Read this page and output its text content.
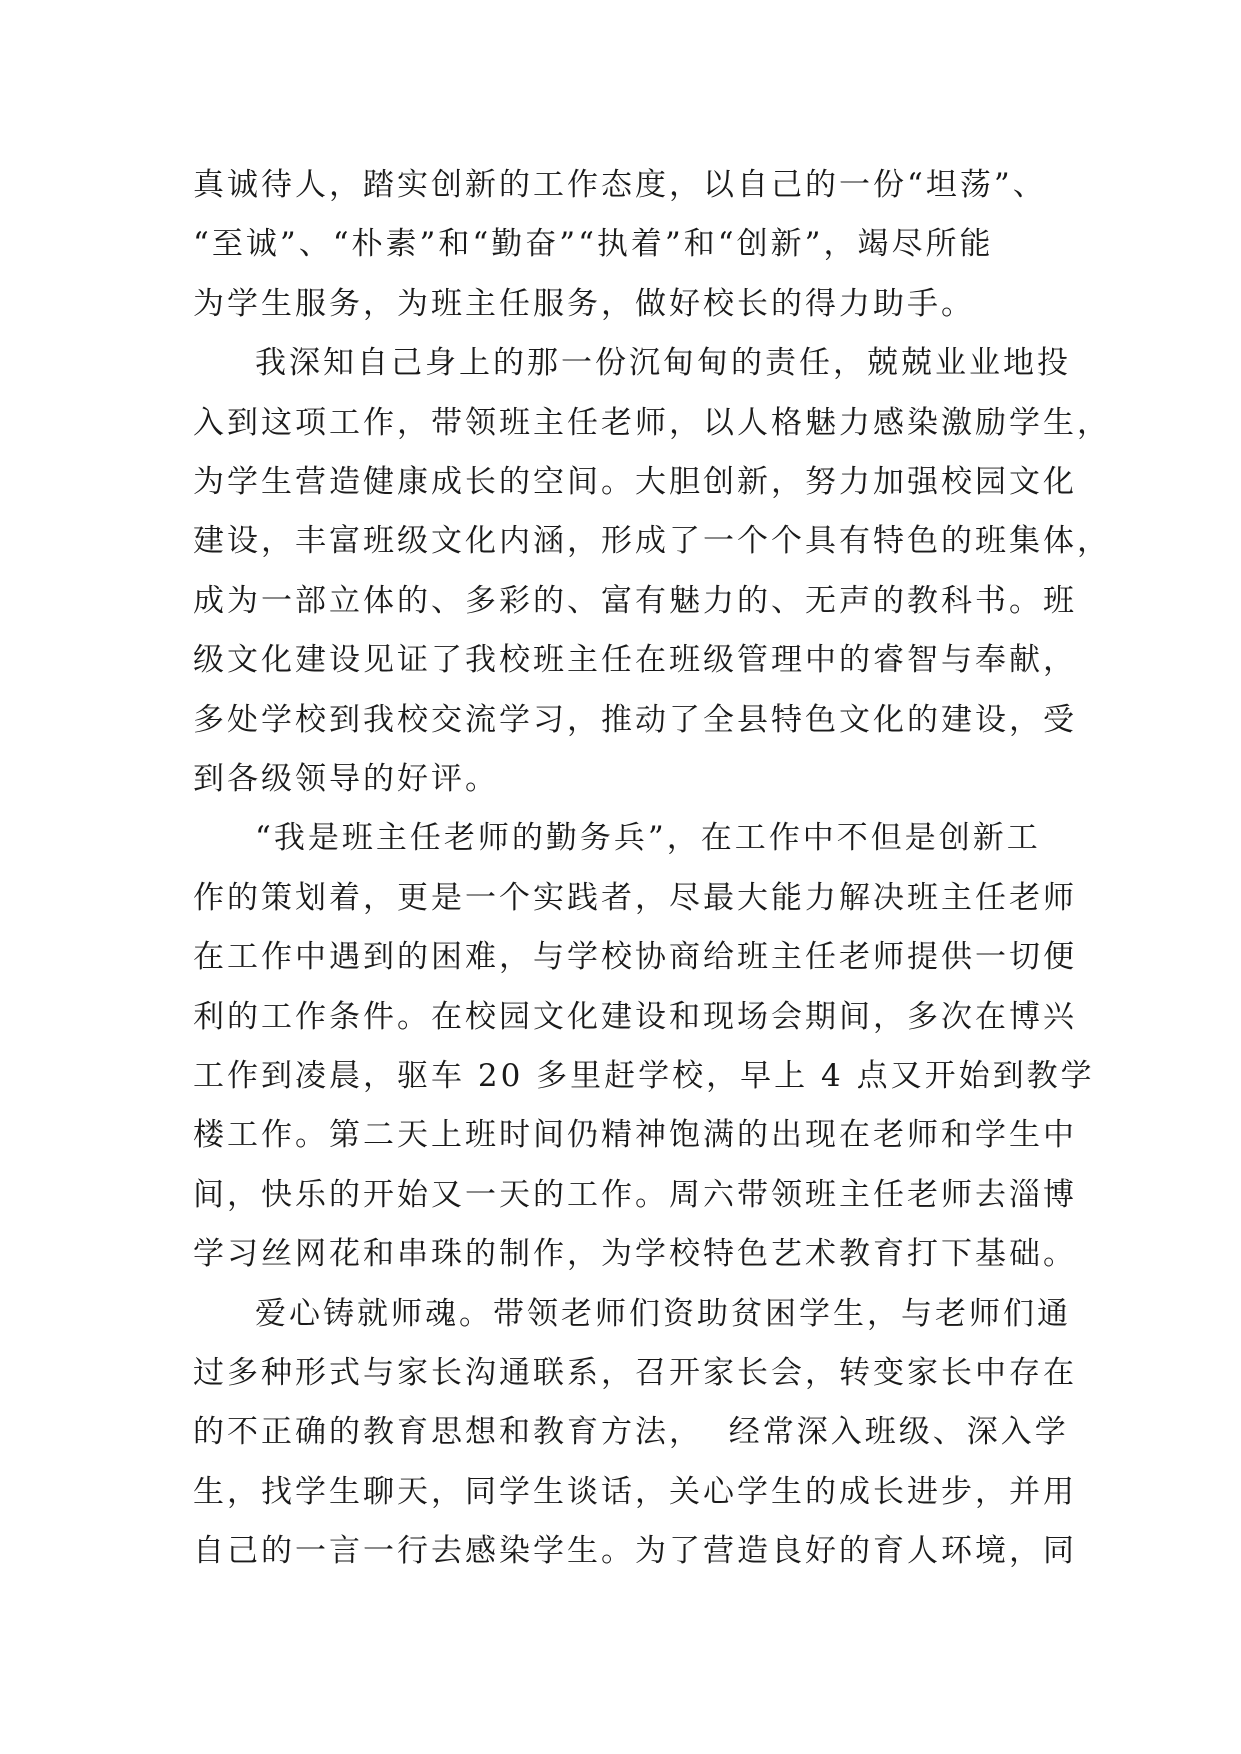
真诚待人，踏实创新的工作态度，以自己的一份“坦荡”、
“至诚”、“朴素”和“勤奋”“执着”和“创新”，竭尽所能
为学生服务，为班主任服务，做好校长的得力助手。
我深知自己身上的那一份沉甸甸的责任，兢兢业业地投
入到这项工作，带领班主任老师，以人格魅力感染激励学生，
为学生营造健康成长的空间。大胆创新，努力加强校园文化
建设，丰富班级文化内涵，形成了一个个具有特色的班集体，
成为一部立体的、多彩的、富有魅力的、无声的教科书。班
级文化建设见证了我校班主任在班级管理中的睿智与奉献，
多处学校到我校交流学习，推动了全县特色文化的建设，受
到各级领导的好评。
“我是班主任老师的勤务兵”，在工作中不但是创新工
作的策划着，更是一个实践者，尽最大能力解决班主任老师
在工作中遇到的困难，与学校协商给班主任老师提供一切便
利的工作条件。在校园文化建设和现场会期间，多次在博兴
工作到凌晨，驱车 20 多里赶学校，早上 4 点又开始到教学
楼工作。第二天上班时间仍精神饱满的出现在老师和学生中
间，快乐的开始又一天的工作。周六带领班主任老师去淄博
学习丝网花和串珠的制作，为学校特色艺术教育打下基础。
爱心铸就师魂。带领老师们资助贫困学生，与老师们通
过多种形式与家长沟通联系，召开家长会，转变家长中存在
的不正确的教育思想和教育方法，  经常深入班级、深入学
生，找学生聊天，同学生谈话，关心学生的成长进步，并用
自己的一言一行去感染学生。为了营造良好的育人环境，同
